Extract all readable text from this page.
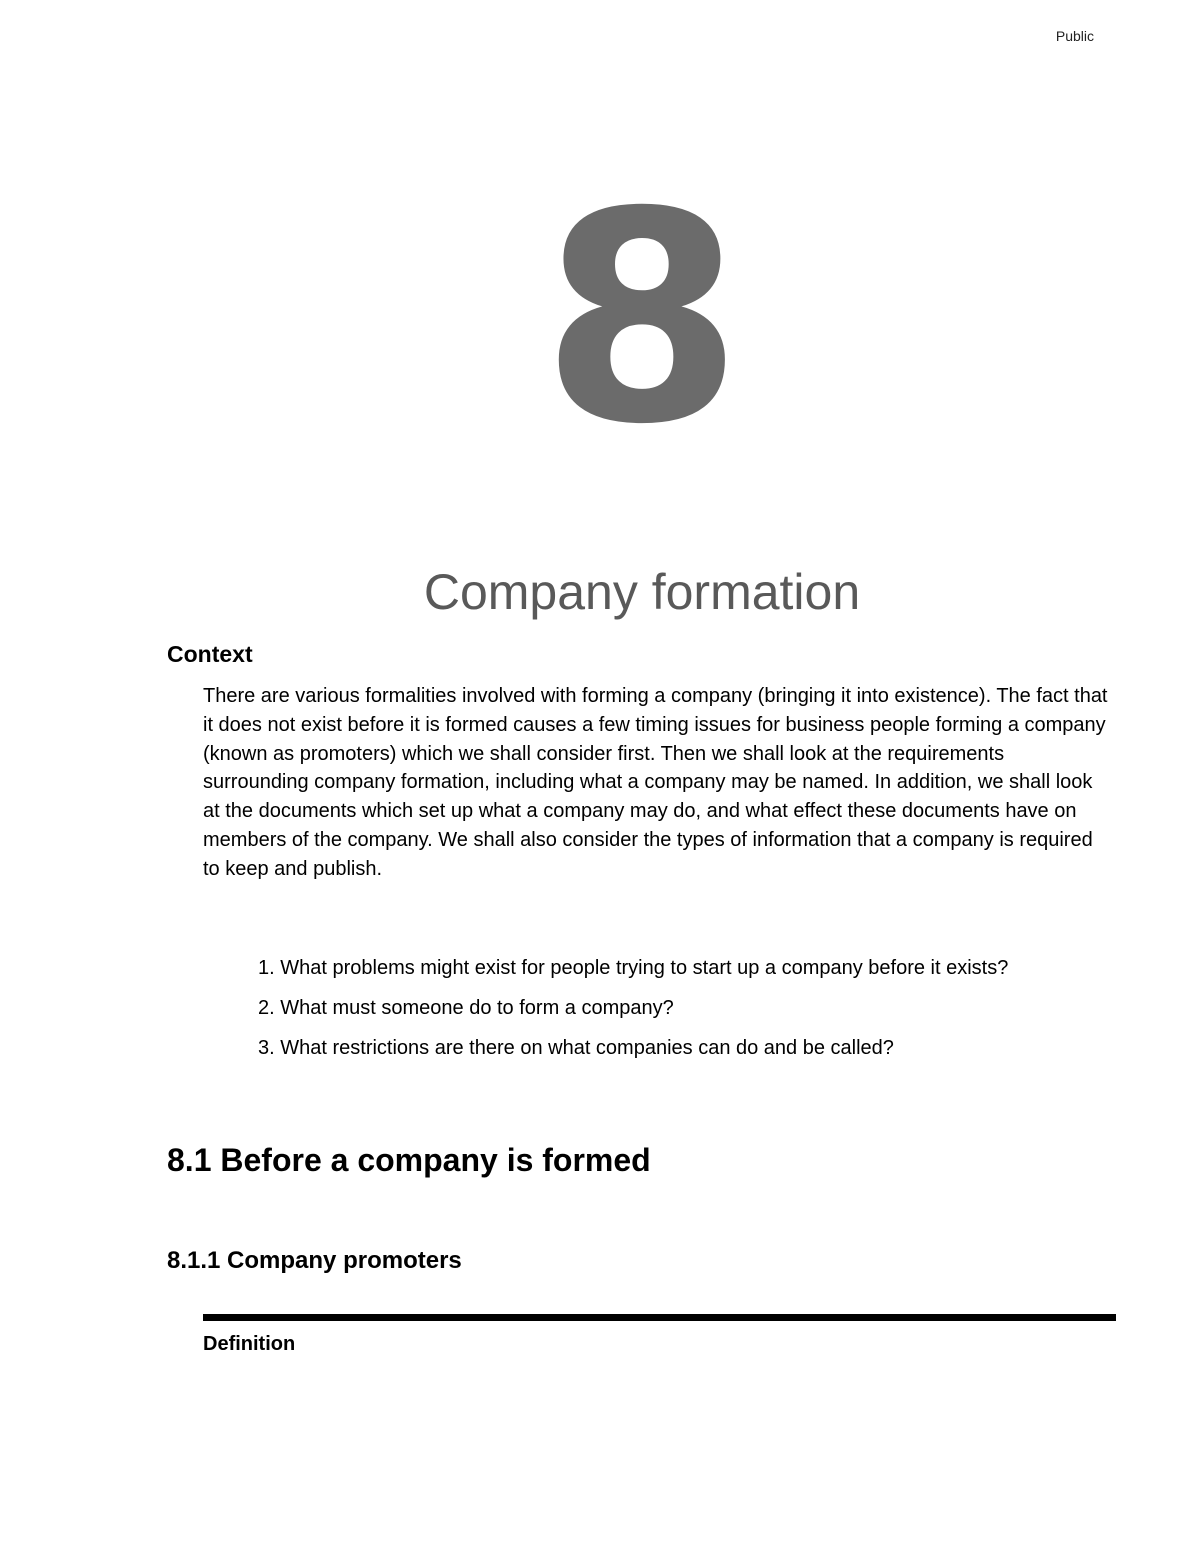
Public
8
Company formation
Context

There are various formalities involved with forming a company (bringing it into existence). The fact that it does not exist before it is formed causes a few timing issues for business people forming a company (known as promoters) which we shall consider first. Then we shall look at the requirements surrounding company formation, including what a company may be named. In addition, we shall look at the documents which set up what a company may do, and what effect these documents have on members of the company. We shall also consider the types of information that a company is required to keep and publish.

1. What problems might exist for people trying to start up a company before it exists?
2. What must someone do to form a company?
3. What restrictions are there on what companies can do and be called?
8.1 Before a company is formed
8.1.1 Company promoters
Definition
